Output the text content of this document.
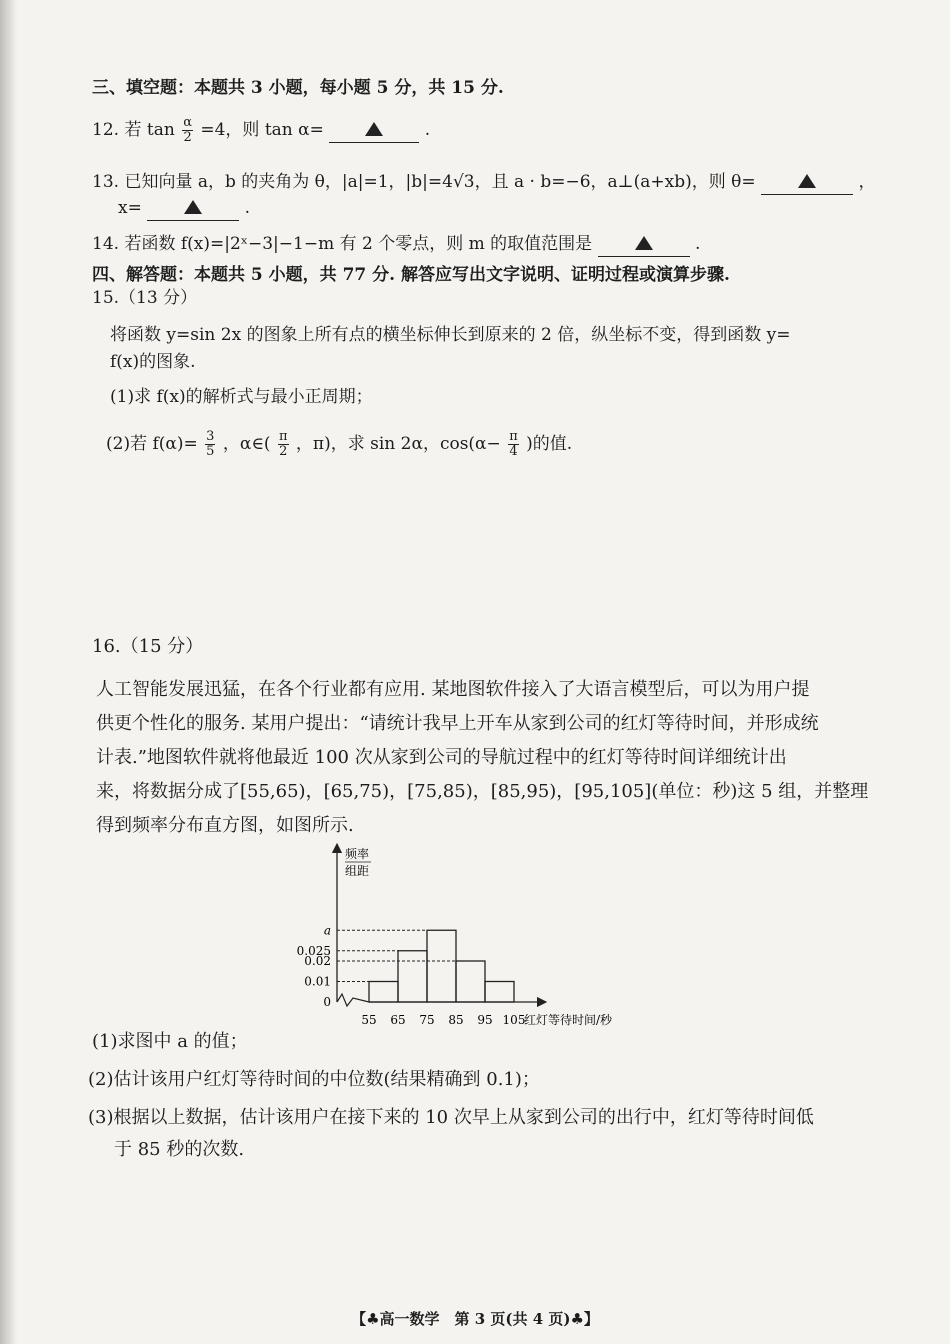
三、填空题：本题共 3 小题，每小题 5 分，共 15 分.
12. 若 $\tan \frac{\alpha}{2} =4$，则 tan α=	.
13. 已知向量 a，b 的夹角为 θ，|a|=1，|b|=4√3，且 a · b=−6，a⊥(a+xb)，则 θ=	，
x=	.
14. 若函数 f(x)=|2ˣ−3|−1−m 有 2 个零点，则 m 的取值范围是	.
四、解答题：本题共 5 小题，共 77 分. 解答应写出文字说明、证明过程或演算步骤.
15.（13 分）
将函数 y=sin 2x 的图象上所有点的横坐标伸长到原来的 2 倍，纵坐标不变，得到函数 y=
f(x)的图象.
(1)求 f(x)的解析式与最小正周期；
(2)若 $f(\alpha)= \frac{3}{5}$ ，α∈( $\frac{\pi}{2}$ ，π)，求 sin 2α，$\cos(\alpha- \frac{\pi}{4}$ )的值.
16.（15 分）
人工智能发展迅猛，在各个行业都有应用. 某地图软件接入了大语言模型后，可以为用户提
供更个性化的服务. 某用户提出：“请统计我早上开车从家到公司的红灯等待时间，并形成统
计表.”地图软件就将他最近 100 次从家到公司的导航过程中的红灯等待时间详细统计出
来，将数据分成了[55,65)，[65,75)，[75,85)，[85,95)，[95,105](单位：秒)这 5 组，并整理
得到频率分布直方图，如图所示.
0
0.01
0.02
0.025
a
55 65 75 85 95 105
红灯等待时间/秒
频率
组距
(1)求图中 a 的值；
(2)估计该用户红灯等待时间的中位数(结果精确到 0.1)；
(3)根据以上数据，估计该用户在接下来的 10 次早上从家到公司的出行中，红灯等待时间低
于 85 秒的次数.
【♣高一数学　第 3 页(共 4 页)♣】
